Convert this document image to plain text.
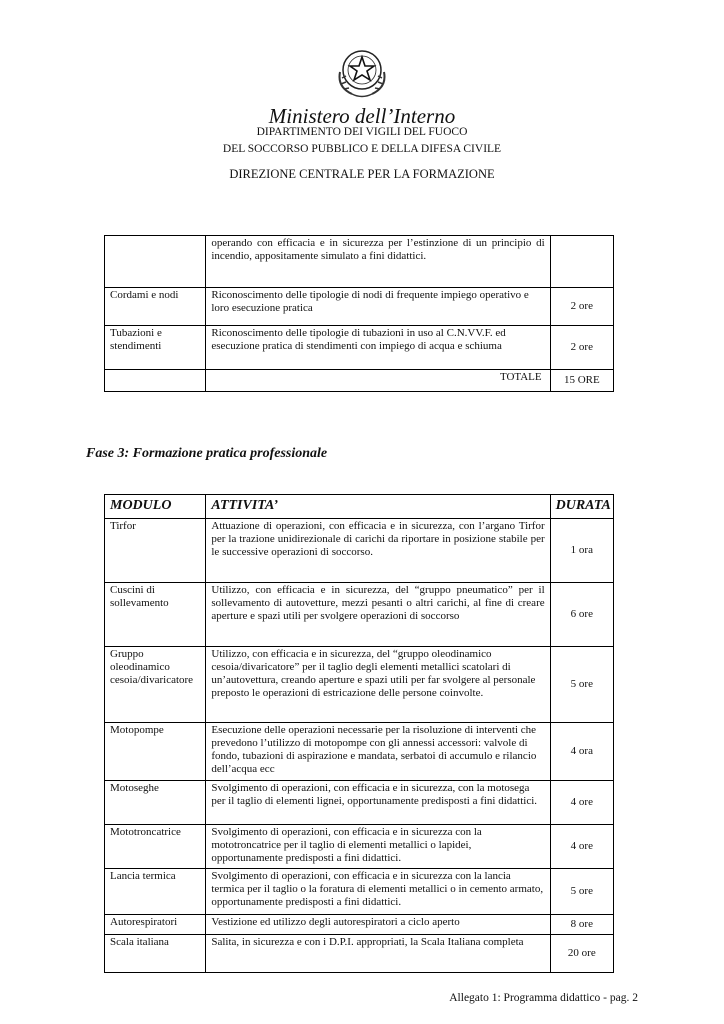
Ministero dell’Interno
DIPARTIMENTO DEI VIGILI DEL FUOCO
DEL SOCCORSO PUBBLICO E DELLA DIFESA CIVILE
DIREZIONE CENTRALE PER LA FORMAZIONE
	operando con efficacia e in sicurezza per l’estinzione di un principio di incendio, appositamente simulato a fini didattici.	
Cordami e nodi	Riconoscimento delle tipologie di nodi di frequente impiego operativo e loro esecuzione pratica	2 ore
Tubazioni e stendimenti	Riconoscimento delle tipologie di tubazioni in uso al C.N.VV.F. ed esecuzione pratica di stendimenti con impiego di acqua e schiuma	2 ore
	TOTALE	15 ORE
Fase 3: Formazione pratica professionale
MODULO	ATTIVITA’	DURATA
Tirfor	Attuazione di operazioni, con efficacia e in sicurezza, con l’argano Tirfor per la trazione unidirezionale di carichi da riportare in posizione stabile per le successive operazioni di soccorso.	1 ora
Cuscini di sollevamento	Utilizzo, con efficacia e in sicurezza, del “gruppo pneumatico” per il sollevamento di autovetture, mezzi pesanti o altri carichi, al fine di creare aperture e spazi utili per svolgere operazioni di soccorso	6 ore
Gruppo oleodinamico cesoia/divaricatore	Utilizzo, con efficacia e in sicurezza, del “gruppo oleodinamico cesoia/divaricatore” per il taglio degli elementi metallici scatolari di un’autovettura, creando aperture e spazi utili per far svolgere al personale preposto le operazioni di estricazione delle persone coinvolte.	5 ore
Motopompe	Esecuzione delle operazioni necessarie per la risoluzione di interventi che prevedono l’utilizzo di motopompe con gli annessi accessori: valvole di fondo, tubazioni di aspirazione e mandata, serbatoi di accumulo e rilancio dell’acqua ecc	4 ora
Motoseghe	Svolgimento di operazioni, con efficacia e in sicurezza, con la motosega per il taglio di elementi lignei, opportunamente predisposti a fini didattici.	4 ore
Mototroncatrice	Svolgimento di operazioni, con efficacia e in sicurezza con la mototroncatrice per il taglio di elementi metallici o lapidei, opportunamente predisposti a fini didattici.	4 ore
Lancia termica	Svolgimento di operazioni, con efficacia e in sicurezza con la lancia termica per il taglio o la foratura di elementi metallici o in cemento armato, opportunamente predisposti a fini didattici.	5 ore
Autorespiratori	Vestizione ed utilizzo degli autorespiratori a ciclo aperto	8 ore
Scala italiana	Salita, in sicurezza e con i D.P.I. appropriati, la Scala Italiana completa	20 ore
Allegato 1: Programma didattico - pag. 2
